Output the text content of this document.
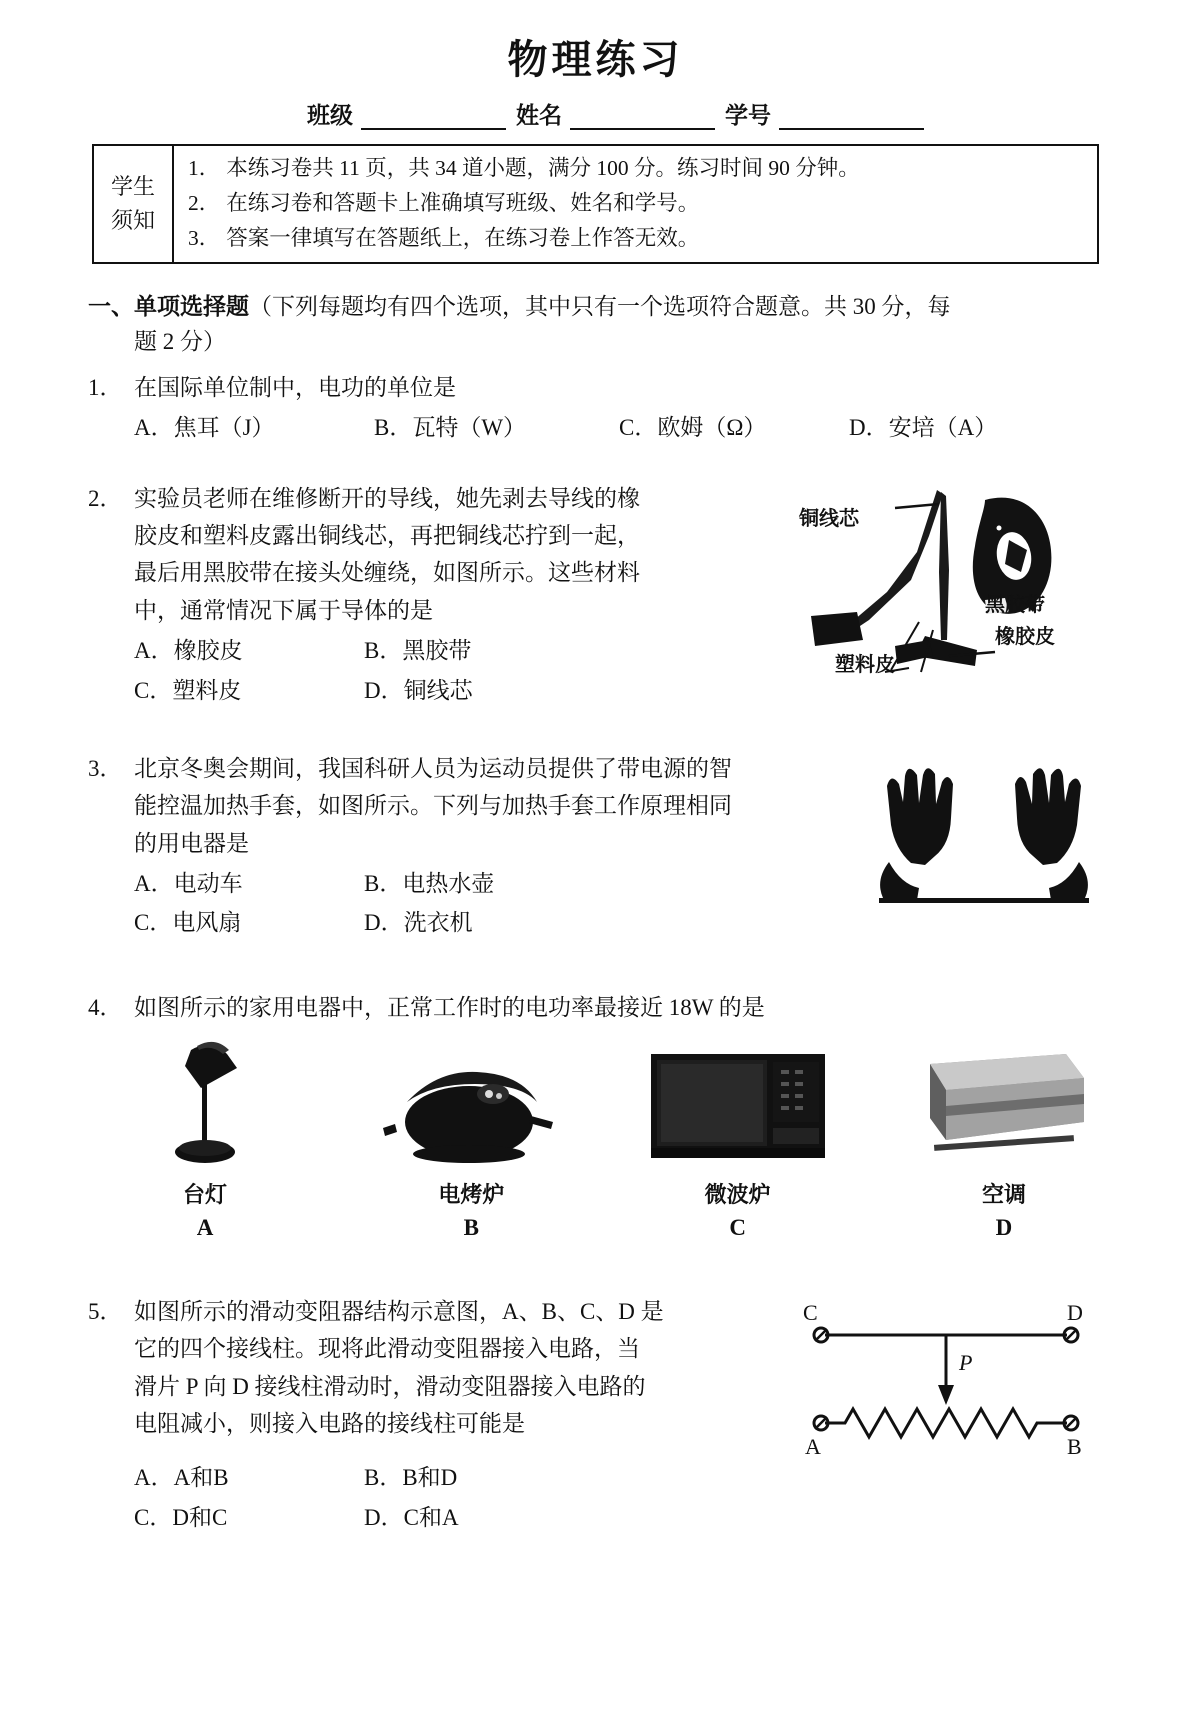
物理练习
班级	姓名	学号
学生
须知
1． 本练习卷共 11 页，共 34 道小题，满分 100 分。练习时间 90 分钟。
2． 在练习卷和答题卡上准确填写班级、姓名和学号。
3． 答案一律填写在答题纸上，在练习卷上作答无效。
一、单项选择题（下列每题均有四个选项，其中只有一个选项符合题意。共 30 分，每
题 2 分）
1． 在国际单位制中，电功的单位是
A．焦耳（J）	B．瓦特（W）	C．欧姆（Ω）	D．安培（A）
2． 实验员老师在维修断开的导线，她先剥去导线的橡

胶皮和塑料皮露出铜线芯，再把铜线芯拧到一起，

最后用黑胶带在接头处缠绕，如图所示。这些材料

中，通常情况下属于导体的是

A．橡胶皮	B．黑胶带
C．塑料皮	D．铜线芯
铜线芯
黑胶带
橡胶皮
塑料皮
3． 北京冬奥会期间，我国科研人员为运动员提供了带电源的智

能控温加热手套，如图所示。下列与加热手套工作原理相同

的用电器是

A．电动车	B．电热水壶
C．电风扇	D．洗衣机
4． 如图所示的家用电器中，正常工作时的电功率最接近 18W 的是
台灯
A
电烤炉
B
微波炉
C
空调
D
5． 如图所示的滑动变阻器结构示意图，A、B、C、D 是

它的四个接线柱。现将此滑动变阻器接入电路，当

滑片 P 向 D 接线柱滑动时，滑动变阻器接入电路的

电阻减小，则接入电路的接线柱可能是

A．A和B	B．B和D
C．D和C	D．C和A
C	D
A	B
P
